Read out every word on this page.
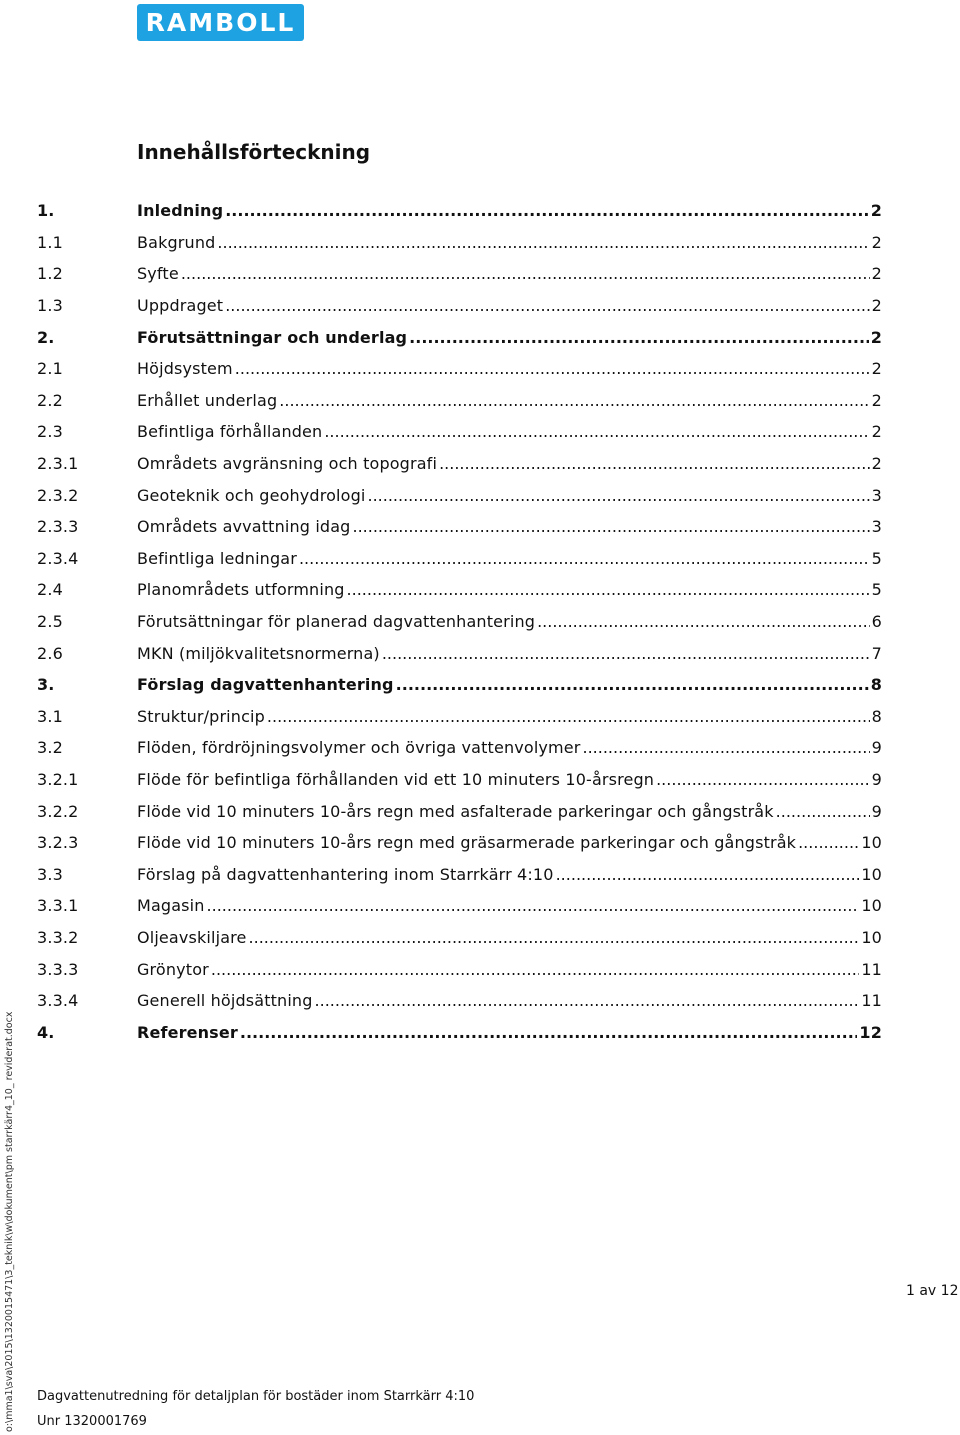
RAMBOLL
Innehållsförteckning
1.	Inledning .....	2
1.1	Bakgrund .....	2
1.2	Syfte .....	2
1.3	Uppdraget .....	2
2.	Förutsättningar och underlag .....	2
2.1	Höjdsystem .....	2
2.2	Erhållet underlag .....	2
2.3	Befintliga förhållanden .....	2
2.3.1	Områdets avgränsning och topografi .....	2
2.3.2	Geoteknik och geohydrologi .....	3
2.3.3	Områdets avvattning idag .....	3
2.3.4	Befintliga ledningar .....	5
2.4	Planområdets utformning .....	5
2.5	Förutsättningar för planerad dagvattenhantering .....	6
2.6	MKN (miljökvalitetsnormerna) .....	7
3.	Förslag dagvattenhantering .....	8
3.1	Struktur/princip .....	8
3.2	Flöden, fördröjningsvolymer och övriga vattenvolymer .....	9
3.2.1	Flöde för befintliga förhållanden vid ett 10 minuters 10-årsregn .....	9
3.2.2	Flöde vid 10 minuters 10-års regn med asfalterade parkeringar och gångstråk .....	9
3.2.3	Flöde vid 10 minuters 10-års regn med gräsarmerade parkeringar och gångstråk .....	10
3.3	Förslag på dagvattenhantering inom Starrkärr 4:10 .....	10
3.3.1	Magasin .....	10
3.3.2	Oljeavskiljare .....	10
3.3.3	Grönytor .....	11
3.3.4	Generell höjdsättning .....	11
4.	Referenser .....	12
1 av 12
o:\mma1\sva\2015\1320015471\3_teknik\w\dokument\pm starrkärr4_10_ reviderat.docx Dagvattenutredning för detaljplan för bostäder inom Starrkärr 4:10
Unr 1320001769
